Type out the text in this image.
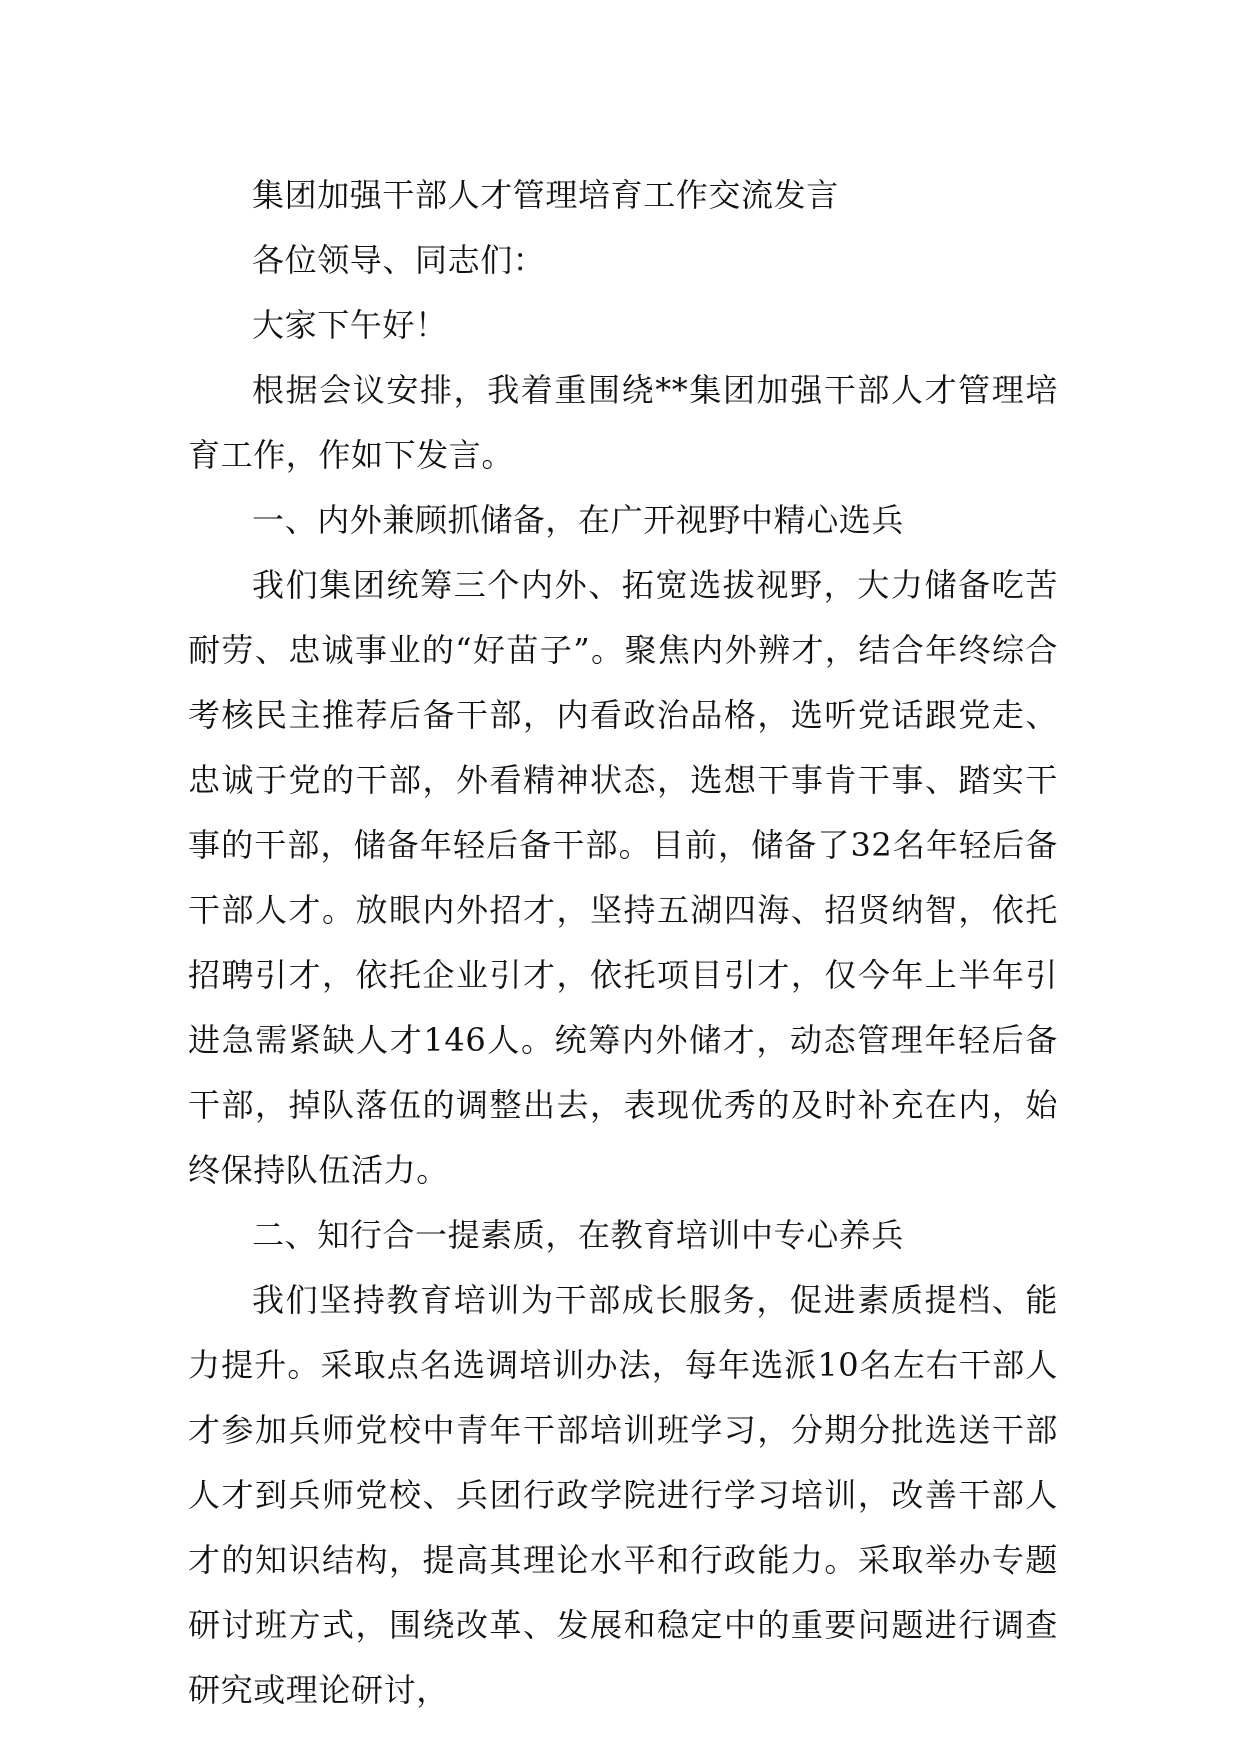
集团加强干部人才管理培育工作交流发言

各位领导、同志们：

大家下午好！

根据会议安排，我着重围绕**集团加强干部人才管理培育工作，作如下发言。

一、内外兼顾抓储备，在广开视野中精心选兵

我们集团统筹三个内外、拓宽选拔视野，大力储备吃苦耐劳、忠诚事业的“好苗子”。聚焦内外辨才，结合年终综合考核民主推荐后备干部，内看政治品格，选听党话跟党走、忠诚于党的干部，外看精神状态，选想干事肯干事、踏实干事的干部，储备年轻后备干部。目前，储备了32名年轻后备干部人才。放眼内外招才，坚持五湖四海、招贤纳智，依托招聘引才，依托企业引才，依托项目引才，仅今年上半年引进急需紧缺人才146人。统筹内外储才，动态管理年轻后备干部，掉队落伍的调整出去，表现优秀的及时补充在内，始终保持队伍活力。

二、知行合一提素质，在教育培训中专心养兵

我们坚持教育培训为干部成长服务，促进素质提档、能力提升。采取点名选调培训办法，每年选派10名左右干部人才参加兵师党校中青年干部培训班学习，分期分批选送干部人才到兵师党校、兵团行政学院进行学习培训，改善干部人才的知识结构，提高其理论水平和行政能力。采取举办专题研讨班方式，围绕改革、发展和稳定中的重要问题进行调查研究或理论研讨，
